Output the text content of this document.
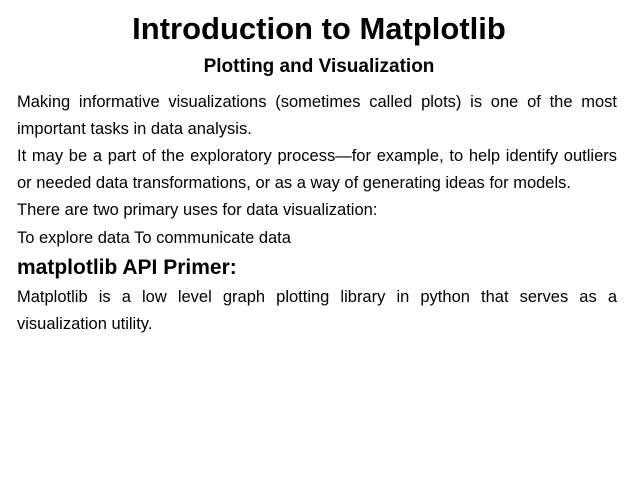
Introduction to Matplotlib
Plotting and Visualization

Making informative visualizations (sometimes called plots) is one of the most important tasks in data analysis.

It may be a part of the exploratory process—for example, to help identify outliers or needed data transformations, or as a way of generating ideas for models.

There are two primary uses for data visualization:

To explore data To communicate data

matplotlib API Primer:

Matplotlib is a low level graph plotting library in python that serves as a visualization utility.
